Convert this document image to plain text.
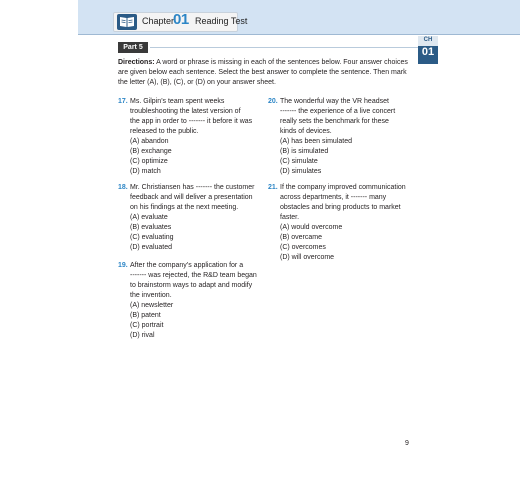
Chapter
01 Reading Test
CH
01
Part 5

Directions: A word or phrase is missing in each of the sentences below. Four answer choices are given below each sentence. Select the best answer to complete the sentence. Then mark the letter (A), (B), (C), or (D) on your answer sheet.

17. Ms. Gilpin’s team spent weeks
troubleshooting the latest version of
the app in order to ------- it before it was
released to the public.

(A) abandon
(B) exchange
(C) optimize
(D) match
18. Mr. Christiansen has ------- the customer
feedback and will deliver a presentation
on his findings at the next meeting.

(A) evaluate
(B) evaluates
(C) evaluating
(D) evaluated
19. After the company’s application for a
------- was rejected, the R&D team began
to brainstorm ways to adapt and modify
the invention.

(A) newsletter
(B) patent
(C) portrait
(D) rival
20. The wonderful way the VR headset
------- the experience of a live concert
really sets the benchmark for these
kinds of devices.

(A) has been simulated
(B) is simulated
(C) simulate
(D) simulates
21. If the company improved communication
across departments, it ------- many
obstacles and bring products to market
faster.

(A) would overcome
(B) overcame
(C) overcomes
(D) will overcome
9
